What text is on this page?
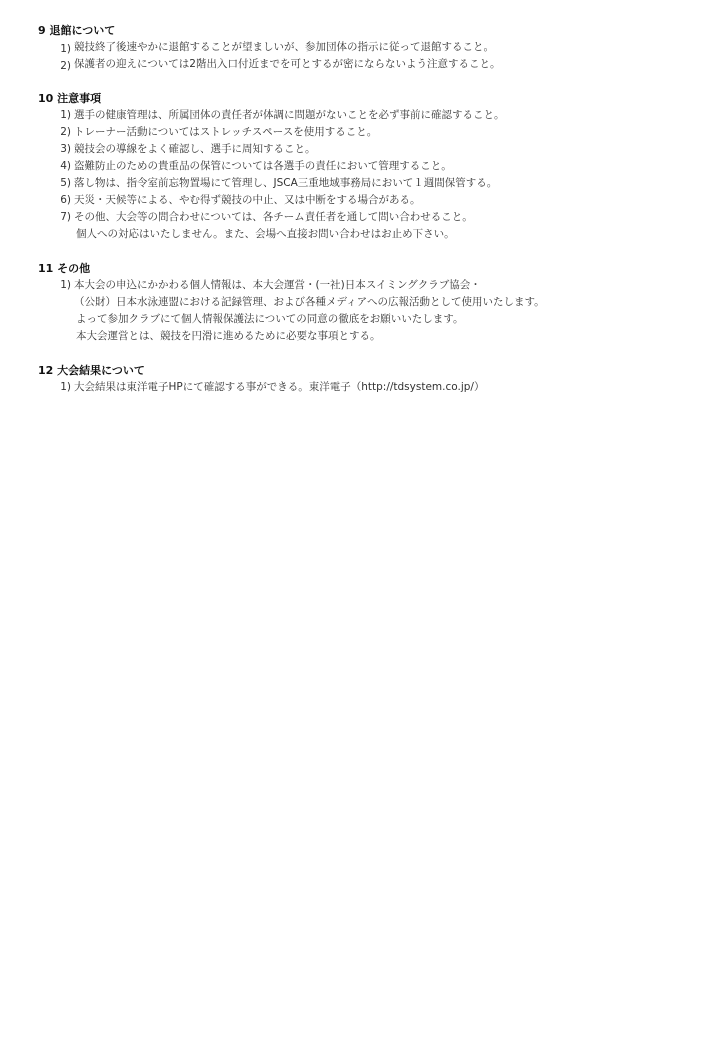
9 退館について
1) 競技終了後速やかに退館することが望ましいが、参加団体の指示に従って退館すること。
2) 保護者の迎えについては2階出入口付近までを可とするが密にならないよう注意すること。
10 注意事項
1) 選手の健康管理は、所属団体の責任者が体調に問題がないことを必ず事前に確認すること。
2) トレーナー活動についてはストレッチスペースを使用すること。
3) 競技会の導線をよく確認し、選手に周知すること。
4) 盗難防止のための貴重品の保管については各選手の責任において管理すること。
5) 落し物は、指令室前忘物置場にて管理し、JSCA三重地域事務局において１週間保管する。
6) 天災・天候等による、やむ得ず競技の中止、又は中断をする場合がある。
7) その他、大会等の問合わせについては、各チーム責任者を通して問い合わせること。
個人への対応はいたしません。また、会場へ直接お問い合わせはお止め下さい。
11 その他
1) 本大会の申込にかかわる個人情報は、本大会運営・(一社)日本スイミングクラブ協会・
（公財）日本水泳連盟における記録管理、および各種メディアへの広報活動として使用いたします。
よって参加クラブにて個人情報保護法についての同意の徹底をお願いいたします。
本大会運営とは、競技を円滑に進めるために必要な事項とする。
12 大会結果について
1) 大会結果は東洋電子HPにて確認する事ができる。東洋電子（http://tdsystem.co.jp/）
